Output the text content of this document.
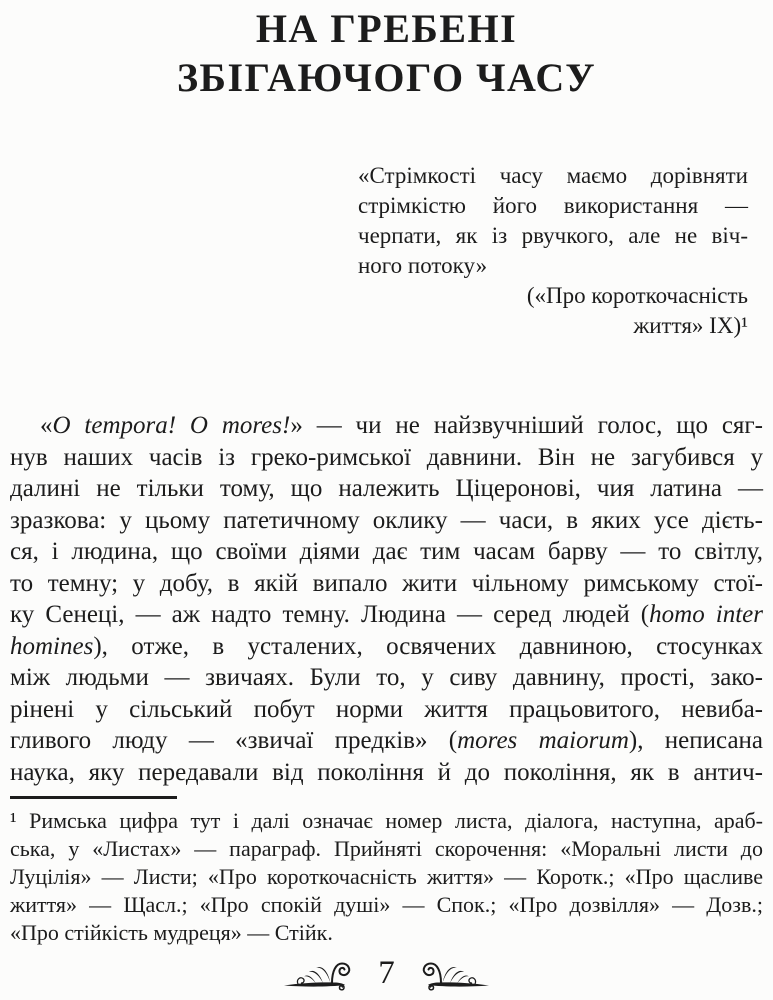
НА ГРЕБЕНІ
ЗБІГАЮЧОГО ЧАСУ
«Стрімкості часу маємо дорівняти
стрімкістю його використання —
черпати, як із рвучкого, але не віч-
ного потоку»
(«Про короткочасність
життя» IX)¹
«O tempora! O mores!» — чи не найзвучніший голос, що сяг-
нув наших часів із греко-римської давнини. Він не загубився у
далині не тільки тому, що належить Ціцеронові, чия латина —
зразкова: у цьому патетичному оклику — часи, в яких усе дієть-
ся, і людина, що своїми діями дає тим часам барву — то світлу,
то темну; у добу, в якій випало жити чільному римському стої-
ку Сенеці, — аж надто темну. Людина — серед людей (homo inter
homines), отже, в усталених, освячених давниною, стосунках
між людьми — звичаях. Були то, у сиву давнину, прості, зако-
рінені у сільський побут норми життя працьовитого, невиба-
гливого люду — «звичаї предків» (mores maiorum), неписана
наука, яку передавали від покоління й до покоління, як в антич-
¹ Римська цифра тут і далі означає номер листа, діалога, наступна, араб-
ська, у «Листах» — параграф. Прийняті скорочення: «Моральні листи до
Луцілія» — Листи; «Про короткочасність життя» — Коротк.; «Про щасливе
життя» — Щасл.; «Про спокій душі» — Спок.; «Про дозвілля» — Дозв.;
«Про стійкість мудреця» — Стійк.
7
